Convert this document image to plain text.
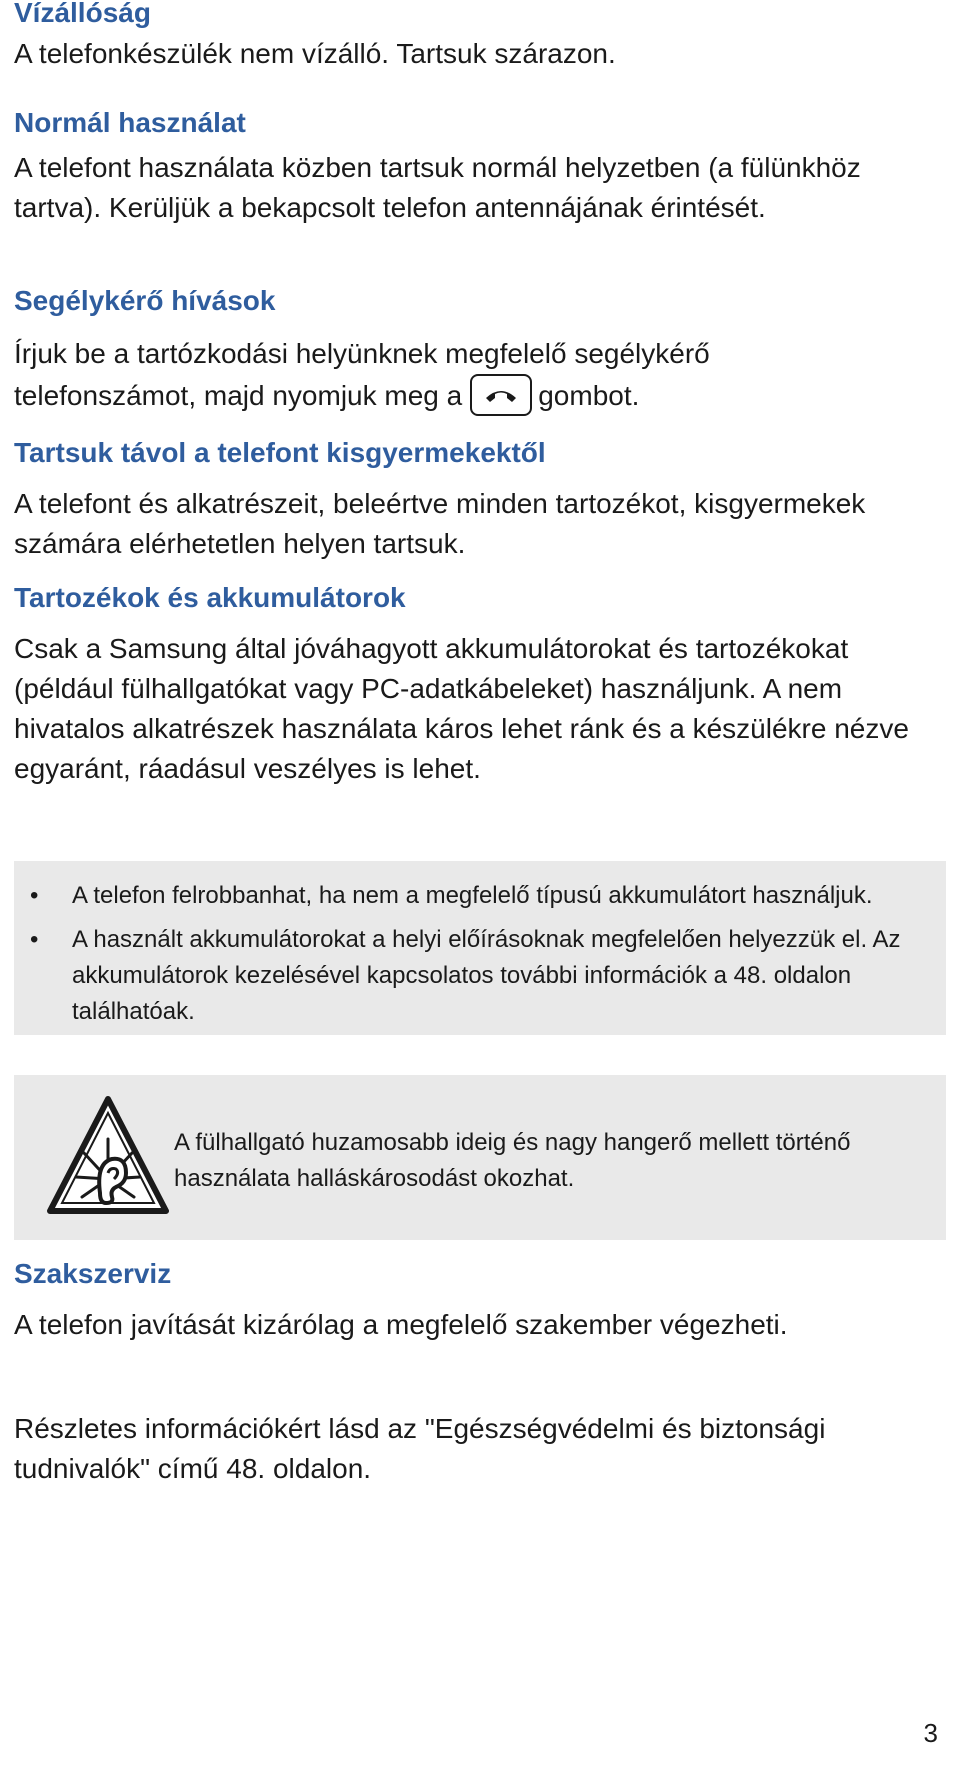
Vízállóság

A telefonkészülék nem vízálló. Tartsuk szárazon.

Normál használat

A telefont használata közben tartsuk normál helyzetben (a fülünkhöz tartva). Kerüljük a bekapcsolt telefon antennájának érintését.

Segélykérő hívások

Írjuk be a tartózkodási helyünknek megfelelő segélykérő

telefonszámot, majd nyomjuk meg a	gombot.

Tartsuk távol a telefont kisgyermekektől

A telefont és alkatrészeit, beleértve minden tartozékot, kisgyermekek számára elérhetetlen helyen tartsuk.

Tartozékok és akkumulátorok

Csak a Samsung által jóváhagyott akkumulátorokat és tartozékokat (például fülhallgatókat vagy PC-adatkábeleket) használjunk. A nem hivatalos alkatrészek használata káros lehet ránk és a készülékre nézve egyaránt, ráadásul veszélyes is lehet.

• A telefon felrobbanhat, ha nem a megfelelő típusú akkumulátort használjuk.
• A használt akkumulátorokat a helyi előírásoknak megfelelően helyezzük el. Az akkumulátorok kezelésével kapcsolatos további információk a 48. oldalon találhatóak.

A fülhallgató huzamosabb ideig és nagy hangerő mellett történő használata halláskárosodást okozhat.

Szakszerviz

A telefon javítását kizárólag a megfelelő szakember végezheti.

Részletes információkért lásd az "Egészségvédelmi és biztonsági tudnivalók" című 48. oldalon.

3
